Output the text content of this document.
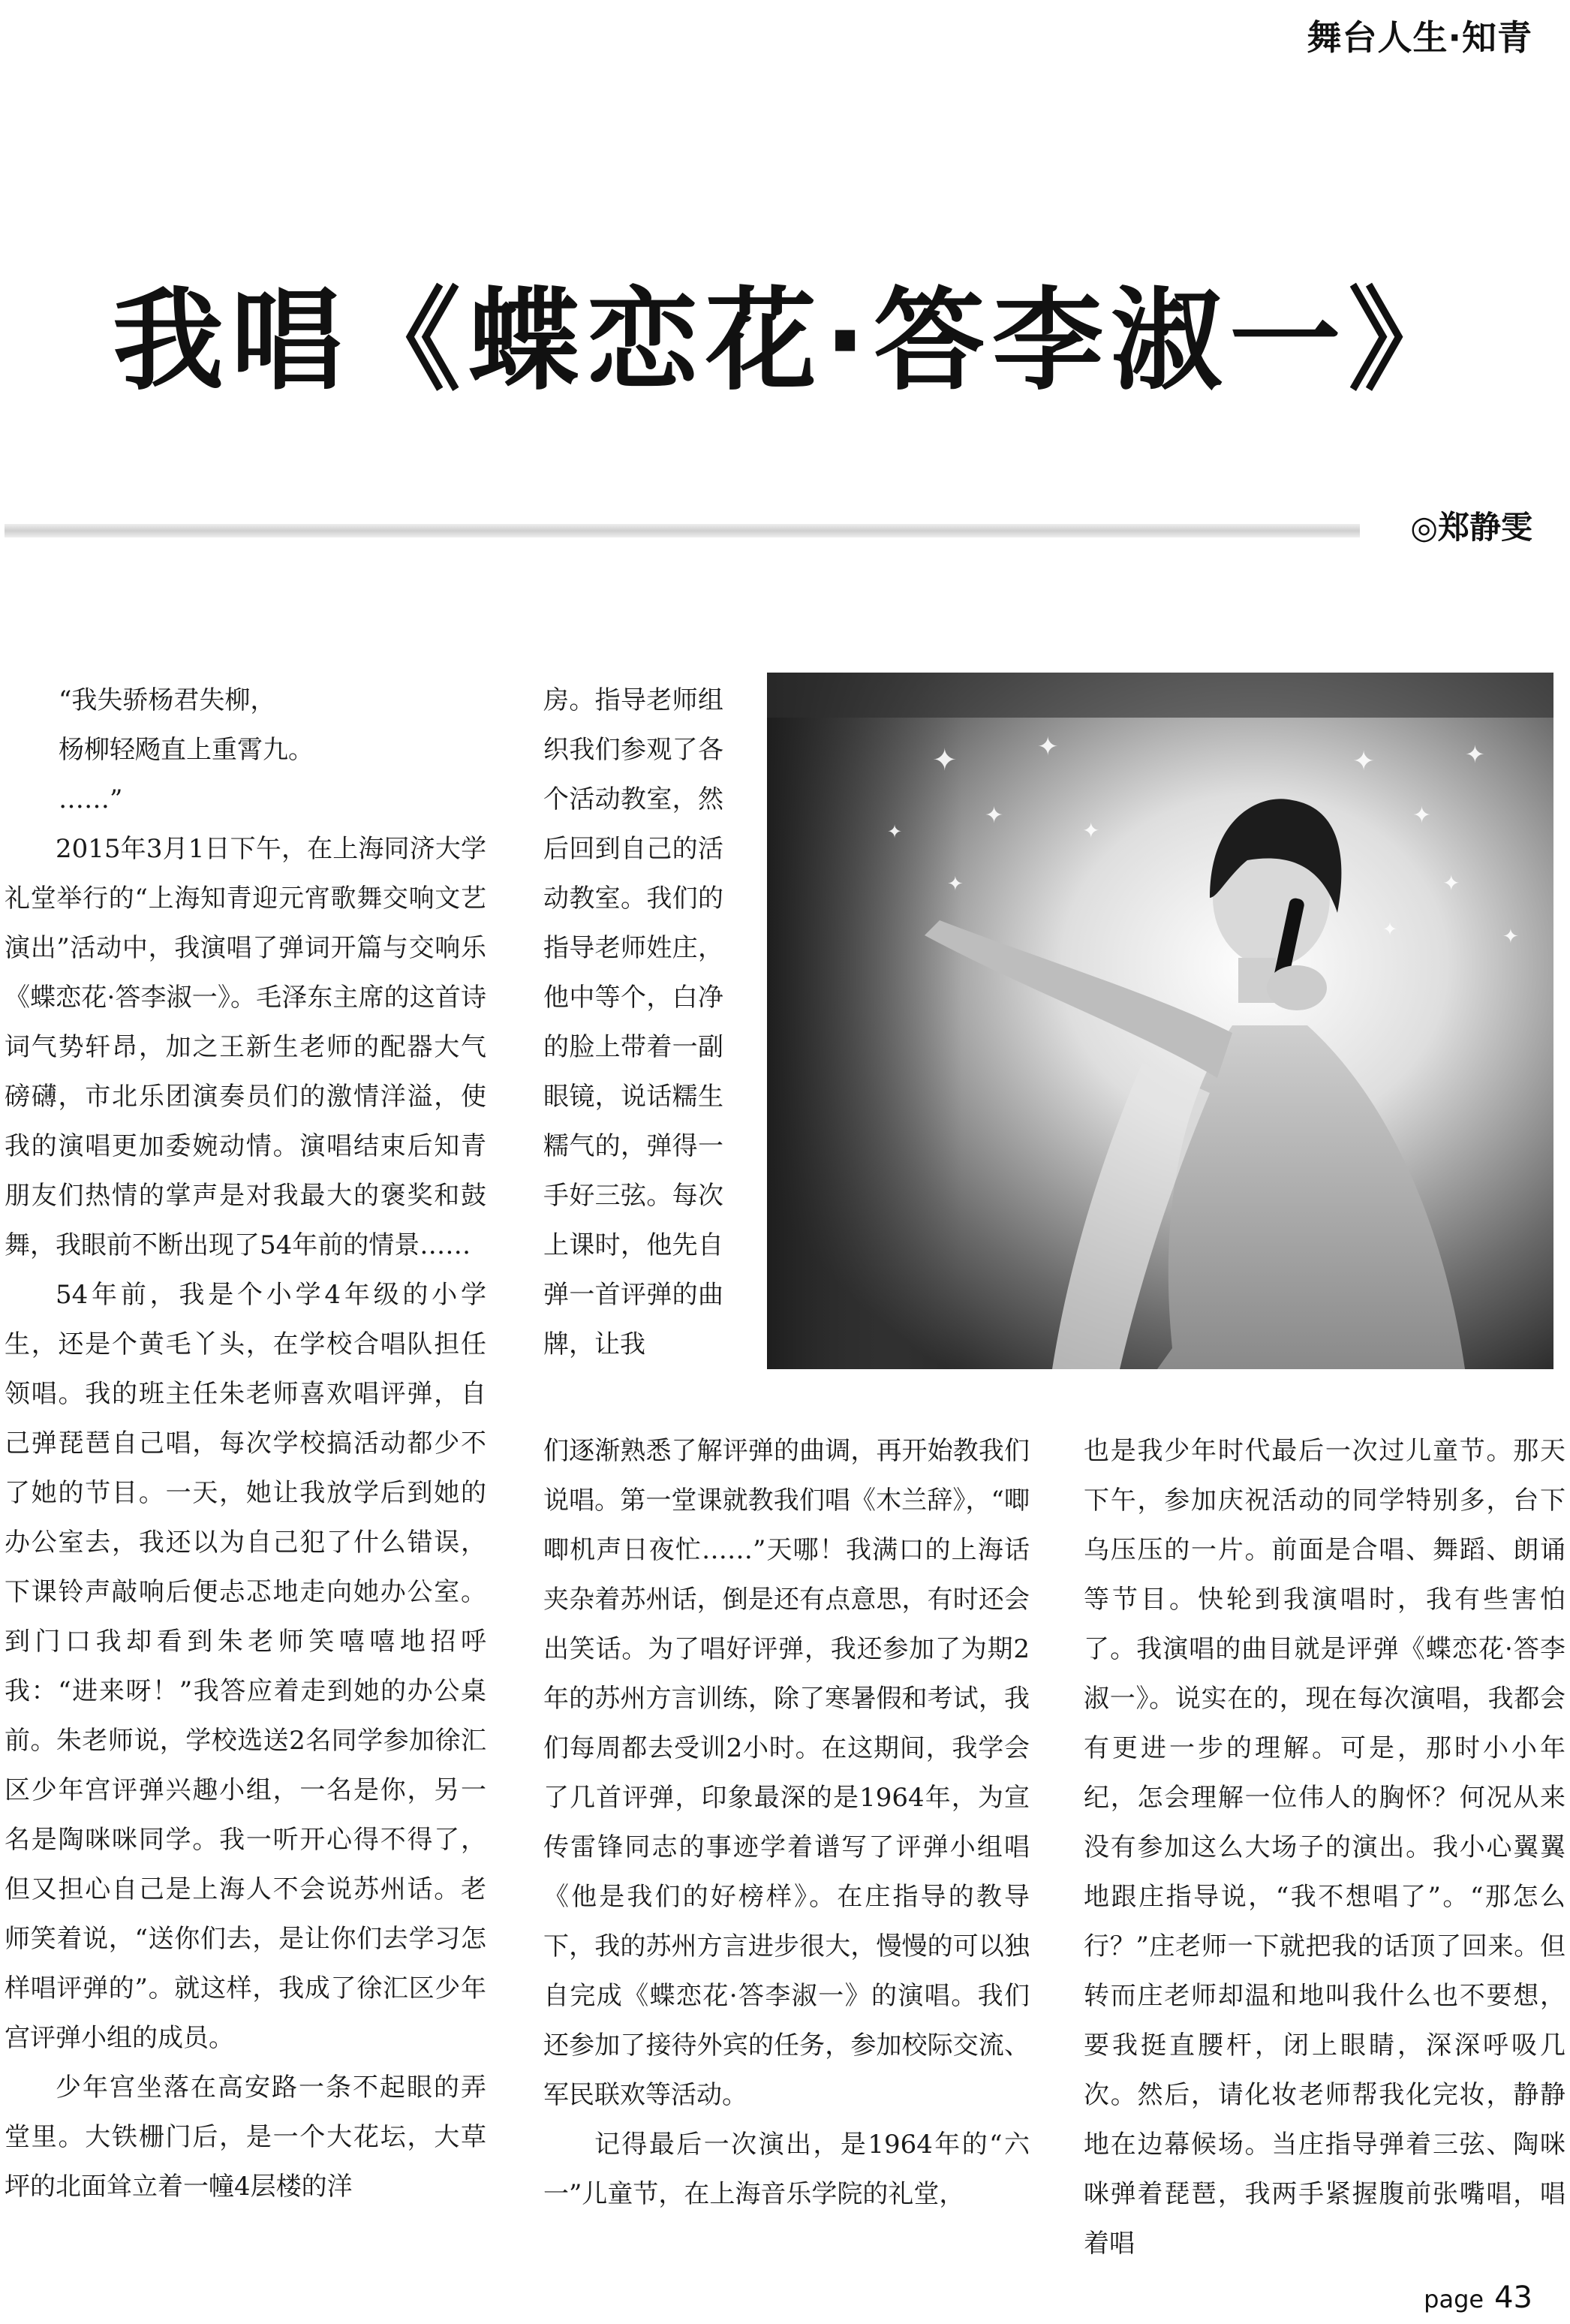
舞台人生·知青
我唱《蝶恋花·答李淑一》
◎郑静雯

“我失骄杨君失柳，

杨柳轻飏直上重霄九。

……”

2015年3月1日下午，在上海同济大学礼堂举行的“上海知青迎元宵歌舞交响文艺演出”活动中，我演唱了弹词开篇与交响乐《蝶恋花·答李淑一》。毛泽东主席的这首诗词气势轩昂，加之王新生老师的配器大气磅礴，市北乐团演奏员们的激情洋溢，使我的演唱更加委婉动情。演唱结束后知青朋友们热情的掌声是对我最大的褒奖和鼓舞，我眼前不断出现了54年前的情景……

54年前，我是个小学4年级的小学生，还是个黄毛丫头，在学校合唱队担任领唱。我的班主任朱老师喜欢唱评弹，自己弹琵琶自己唱，每次学校搞活动都少不了她的节目。一天，她让我放学后到她的办公室去，我还以为自己犯了什么错误，下课铃声敲响后便忐忑地走向她办公室。到门口我却看到朱老师笑嘻嘻地招呼我：“进来呀！”我答应着走到她的办公桌前。朱老师说，学校选送2名同学参加徐汇区少年宫评弹兴趣小组，一名是你，另一名是陶咪咪同学。我一听开心得不得了，但又担心自己是上海人不会说苏州话。老师笑着说，“送你们去，是让你们去学习怎样唱评弹的”。就这样，我成了徐汇区少年宫评弹小组的成员。

少年宫坐落在高安路一条不起眼的弄堂里。大铁栅门后，是一个大花坛，大草坪的北面耸立着一幢4层楼的洋

房。指导老师组织我们参观了各个活动教室，然后回到自己的活动教室。我们的指导老师姓庄，他中等个，白净的脸上带着一副眼镜，说话糯生糯气的，弹得一手好三弦。每次上课时，他先自弹一首评弹的曲牌，让我

✦
✦
✦
✦
✦
✦
✦
✦
✦
✦
✦
✦

们逐渐熟悉了解评弹的曲调，再开始教我们说唱。第一堂课就教我们唱《木兰辞》，“唧唧机声日夜忙……”天哪！我满口的上海话夹杂着苏州话，倒是还有点意思，有时还会出笑话。为了唱好评弹，我还参加了为期2年的苏州方言训练，除了寒暑假和考试，我们每周都去受训2小时。在这期间，我学会了几首评弹，印象最深的是1964年，为宣传雷锋同志的事迹学着谱写了评弹小组唱《他是我们的好榜样》。在庄指导的教导下，我的苏州方言进步很大，慢慢的可以独自完成《蝶恋花·答李淑一》的演唱。我们还参加了接待外宾的任务，参加校际交流、军民联欢等活动。

记得最后一次演出，是1964年的“六一”儿童节，在上海音乐学院的礼堂，

也是我少年时代最后一次过儿童节。那天下午，参加庆祝活动的同学特别多，台下乌压压的一片。前面是合唱、舞蹈、朗诵等节目。快轮到我演唱时，我有些害怕了。我演唱的曲目就是评弹《蝶恋花·答李淑一》。说实在的，现在每次演唱，我都会有更进一步的理解。可是，那时小小年纪，怎会理解一位伟人的胸怀？何况从来没有参加这么大场子的演出。我小心翼翼地跟庄指导说，“我不想唱了”。“那怎么行？”庄老师一下就把我的话顶了回来。但转而庄老师却温和地叫我什么也不要想，要我挺直腰杆，闭上眼睛，深深呼吸几次。然后，请化妆老师帮我化完妆，静静地在边幕候场。当庄指导弹着三弦、陶咪咪弹着琵琶，我两手紧握腹前张嘴唱，唱着唱

page 43
